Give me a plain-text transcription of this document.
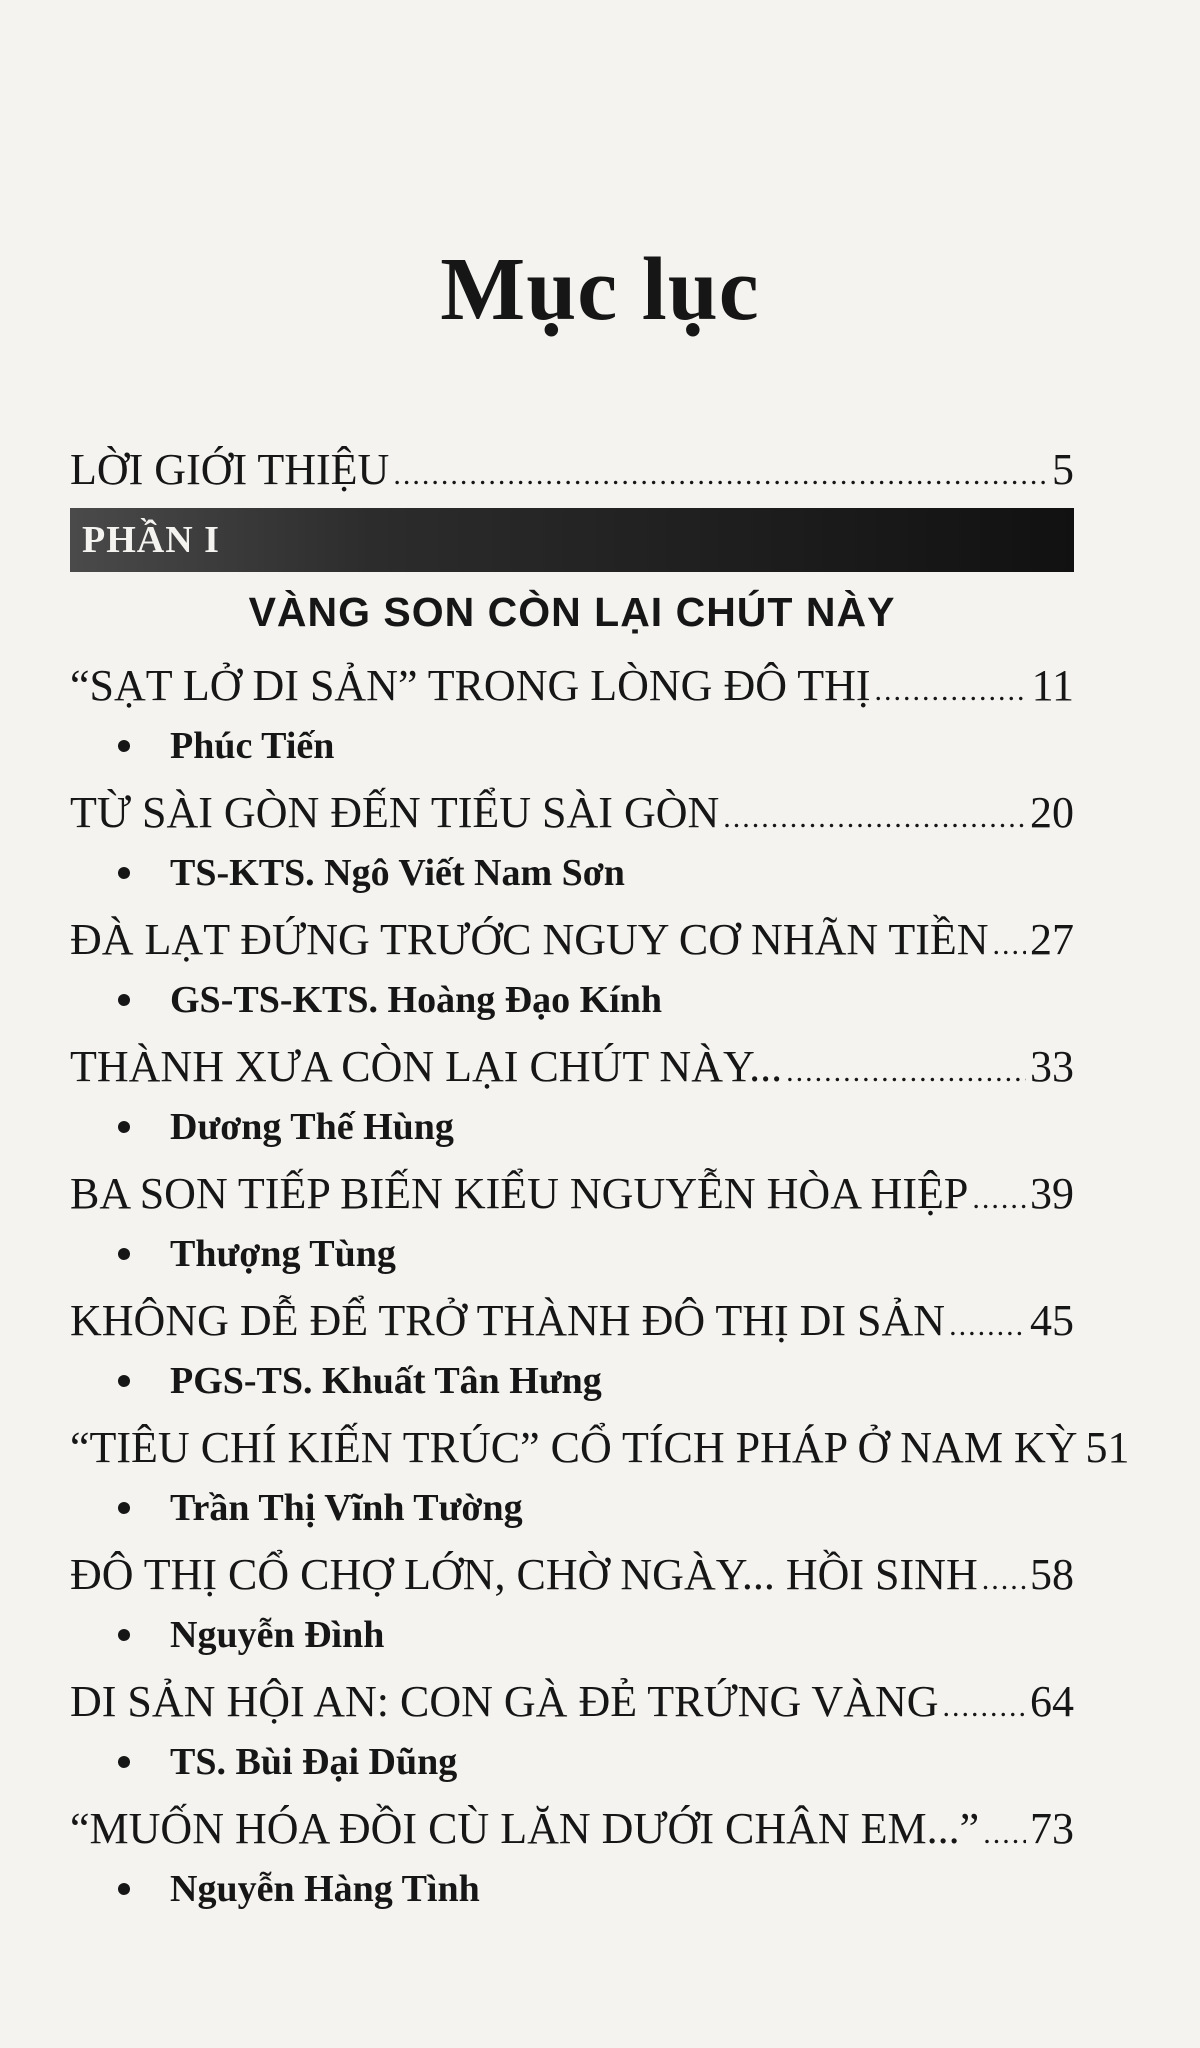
Mục lục
LỜI GIỚI THIỆU .....	5
PHẦN I
VÀNG SON CÒN LẠI CHÚT NÀY
“SẠT LỞ DI SẢN” TRONG LÒNG ĐÔ THỊ .....	11
Phúc Tiến
TỪ SÀI GÒN ĐẾN TIỂU SÀI GÒN .....	20
TS-KTS. Ngô Viết Nam Sơn
ĐÀ LẠT ĐỨNG TRƯỚC NGUY CƠ NHÃN TIỀN ..... 27
GS-TS-KTS. Hoàng Đạo Kính
THÀNH XƯA CÒN LẠI CHÚT NÀY... .....	33
Dương Thế Hùng
BA SON TIẾP BIẾN KIỂU NGUYỄN HÒA HIỆP ..... 39
Thượng Tùng
KHÔNG DỄ ĐỂ TRỞ THÀNH ĐÔ THỊ DI SẢN ..... 45
PGS-TS. Khuất Tân Hưng
“TIÊU CHÍ KIẾN TRÚC” CỔ TÍCH PHÁP Ở NAM KỲ 51
Trần Thị Vĩnh Tường
ĐÔ THỊ CỔ CHỢ LỚN, CHỜ NGÀY... HỒI SINH ..... 58
Nguyễn Đình
DI SẢN HỘI AN: CON GÀ ĐẺ TRỨNG VÀNG ..... 64
TS. Bùi Đại Dũng
“MUỐN HÓA ĐỒI CÙ LĂN DƯỚI CHÂN EM...” ..... 73
Nguyễn Hàng Tình
